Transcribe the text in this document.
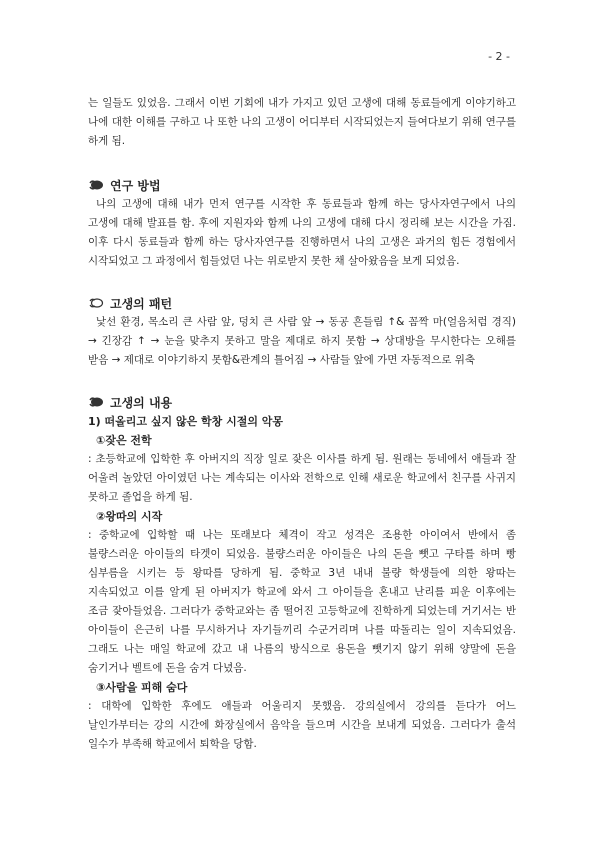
- 2 -

는 일들도 있었음. 그래서 이번 기회에 내가 가지고 있던 고생에 대해 동료들에게 이야기하고 나에 대한 이해를 구하고 나 또한 나의 고생이 어디부터 시작되었는지 들여다보기 위해 연구를 하게 됨.

연구 방법

나의 고생에 대해 내가 먼저 연구를 시작한 후 동료들과 함께 하는 당사자연구에서 나의 고생에 대해 발표를 함. 후에 지원자와 함께 나의 고생에 대해 다시 정리해 보는 시간을 가짐. 이후 다시 동료들과 함께 하는 당사자연구를 진행하면서 나의 고생은 과거의 힘든 경험에서 시작되었고 그 과정에서 힘들었던 나는 위로받지 못한 채 살아왔음을 보게 되었음.

고생의 패턴

낯선 환경, 목소리 큰 사람 앞, 덩치 큰 사람 앞 → 동공 흔들림 ↑& 꼼짝 마(얼음처럼 경직) → 긴장감 ↑ → 눈을 맞추지 못하고 말을 제대로 하지 못함 → 상대방을 무시한다는 오해를 받음 → 제대로 이야기하지 못함&관계의 틀어짐 → 사람들 앞에 가면 자동적으로 위축

고생의 내용

1) 떠올리고 싶지 않은 학창 시절의 악몽

①잦은 전학

: 초등학교에 입학한 후 아버지의 직장 일로 잦은 이사를 하게 됨. 원래는 동네에서 애들과 잘 어울려 놀았던 아이였던 나는 계속되는 이사와 전학으로 인해 새로운 학교에서 친구를 사귀지 못하고 졸업을 하게 됨.

②왕따의 시작

: 중학교에 입학할 때 나는 또래보다 체격이 작고 성격은 조용한 아이여서 반에서 좀 불량스러운 아이들의 타겟이 되었음. 불량스러운 아이들은 나의 돈을 뺏고 구타를 하며 빵 심부름을 시키는 등 왕따를 당하게 됨. 중학교 3년 내내 불량 학생들에 의한 왕따는 지속되었고 이를 알게 된 아버지가 학교에 와서 그 아이들을 혼내고 난리를 피운 이후에는 조금 잦아들었음. 그러다가 중학교와는 좀 떨어진 고등학교에 진학하게 되었는데 거기서는 반 아이들이 은근히 나를 무시하거나 자기들끼리 수군거리며 나를 따돌리는 일이 지속되었음. 그래도 나는 매일 학교에 갔고 내 나름의 방식으로 용돈을 뺏기지 않기 위해 양말에 돈을 숨기거나 벨트에 돈을 숨겨 다녔음.

③사람을 피해 숨다

: 대학에 입학한 후에도 애들과 어울리지 못했음. 강의실에서 강의를 듣다가 어느 날인가부터는 강의 시간에 화장실에서 음악을 들으며 시간을 보내게 되었음. 그러다가 출석 일수가 부족해 학교에서 퇴학을 당함.
